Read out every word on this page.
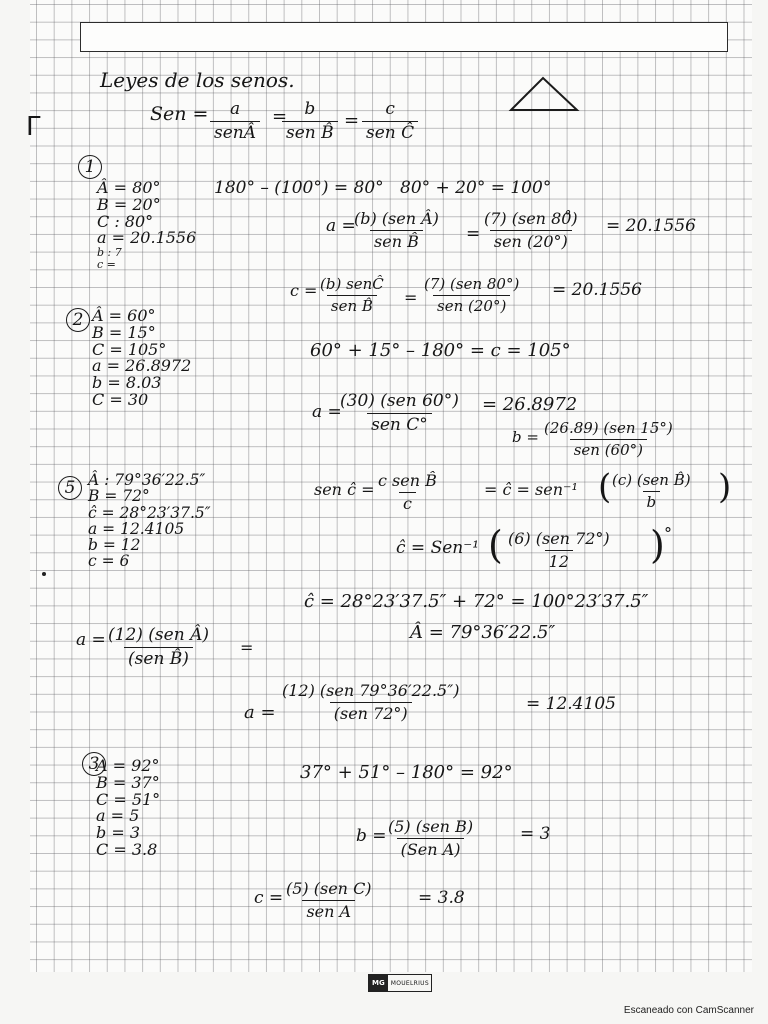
ᒥ
Leyes de los senos.
Sen = a
senÂ
= b
sen B̂
=
c
sen Ĉ
1
Â = 80°
B = 20°
C : 80°
a = 20.1556
b : 7
c =
180° – (100°) = 80° 80° + 20° = 100°
a =
(b) (sen Â)
sen B̂	=
(7) (sen 80̊)
sen (20°)
= 20.1556
c = (b) senĈ
sen B̂ =
(7) (sen 80°)
sen (20°)
= 20.1556
2 Â = 60°
B = 15°
C = 105°
a = 26.8972
b = 8.03
C = 30
60° + 15° – 180° = c = 105°
a =
(30) (sen 60°)
sen C°
= 26.8972
b = (26.89) (sen 15°)
sen (60°)
5 Â : 79°36′22.5″
B = 72°
ĉ = 28°23′37.5″
a = 12.4105
b = 12
c = 6
sen ĉ = c sen B̂
c
= ĉ = sen⁻¹ ( (c) (sen B̂)
b )
ĉ = Sen⁻¹ ( (6) (sen 72°)
12 ) °
ĉ = 28°23′37.5″ + 72° = 100°23′37.5″
Â = 79°36′22.5″
a = (12) (sen Â)
(sen B̂)
=
a =
(12) (sen 79°36′22.5″)
(sen 72°)	= 12.4105
3
A = 92°
B = 37°
C = 51°
a = 5
b = 3
C = 3.8
37° + 51° – 180° = 92°
b = (5) (sen B)
(Sen A)
= 3
c = (5) (sen C)
sen A
= 3.8
MG	MOUELRIUS
Escaneado con CamScanner
